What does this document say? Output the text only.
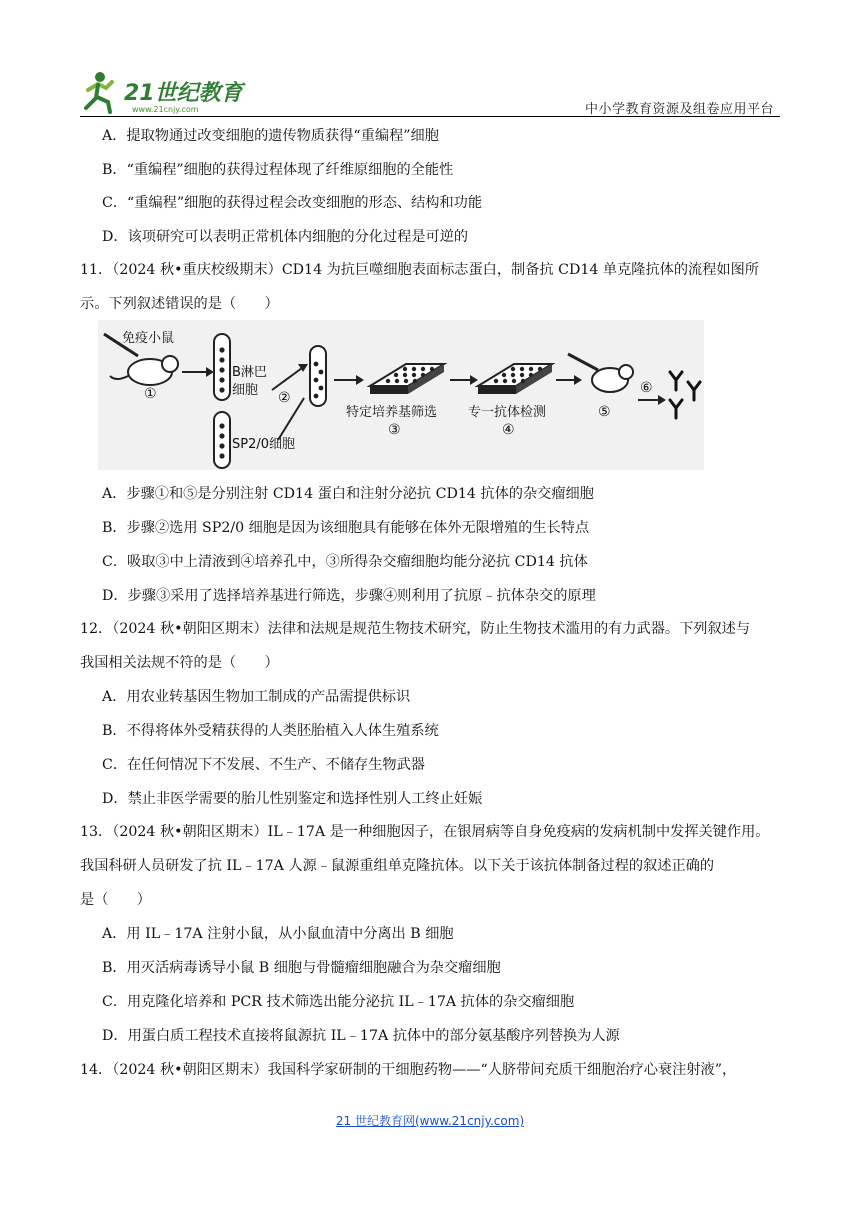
21世纪教育
www.21cnjy.com	中小学教育资源及组卷应用平台
A．提取物通过改变细胞的遗传物质获得“重编程”细胞
B．“重编程”细胞的获得过程体现了纤维原细胞的全能性
C．“重编程”细胞的获得过程会改变细胞的形态、结构和功能
D．该项研究可以表明正常机体内细胞的分化过程是可逆的
11．（2024 秋•重庆校级期末）CD14 为抗巨噬细胞表面标志蛋白，制备抗 CD14 单克隆抗体的流程如图所
示。下列叙述错误的是（　　）
免疫小鼠
①
B淋巴
细胞
SP2/0细胞
②
特定培养基筛选
③
专一抗体检测
④
⑤
⑥
A．步骤①和⑤是分别注射 CD14 蛋白和注射分泌抗 CD14 抗体的杂交瘤细胞
B．步骤②选用 SP2/0 细胞是因为该细胞具有能够在体外无限增殖的生长特点
C．吸取③中上清液到④培养孔中，③所得杂交瘤细胞均能分泌抗 CD14 抗体
D．步骤③采用了选择培养基进行筛选，步骤④则利用了抗原﹣抗体杂交的原理
12．（2024 秋•朝阳区期末）法律和法规是规范生物技术研究，防止生物技术滥用的有力武器。下列叙述与
我国相关法规不符的是（　　）
A．用农业转基因生物加工制成的产品需提供标识
B．不得将体外受精获得的人类胚胎植入人体生殖系统
C．在任何情况下不发展、不生产、不储存生物武器
D．禁止非医学需要的胎儿性别鉴定和选择性别人工终止妊娠
13．（2024 秋•朝阳区期末）IL﹣17A 是一种细胞因子，在银屑病等自身免疫病的发病机制中发挥关键作用。
我国科研人员研发了抗 IL﹣17A 人源﹣鼠源重组单克隆抗体。以下关于该抗体制备过程的叙述正确的
是（　　）
A．用 IL﹣17A 注射小鼠，从小鼠血清中分离出 B 细胞
B．用灭活病毒诱导小鼠 B 细胞与骨髓瘤细胞融合为杂交瘤细胞
C．用克隆化培养和 PCR 技术筛选出能分泌抗 IL﹣17A 抗体的杂交瘤细胞
D．用蛋白质工程技术直接将鼠源抗 IL﹣17A 抗体中的部分氨基酸序列替换为人源
14．（2024 秋•朝阳区期末）我国科学家研制的干细胞药物——“人脐带间充质干细胞治疗心衰注射液”，
21 世纪教育网(www.21cnjy.com)
